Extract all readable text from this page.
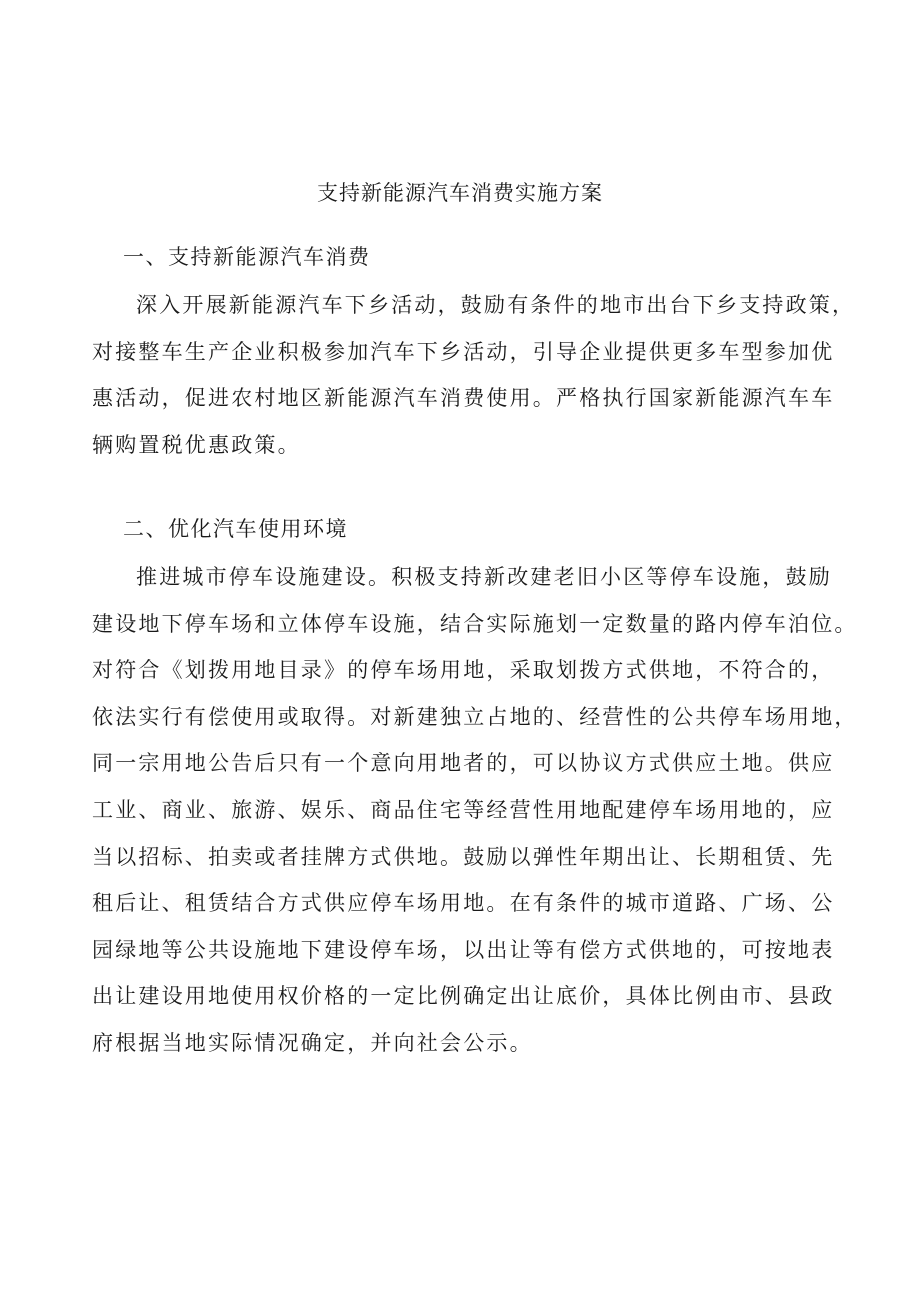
支持新能源汽车消费实施方案
一、支持新能源汽车消费
深入开展新能源汽车下乡活动，鼓励有条件的地市出台下乡支持政策，
对接整车生产企业积极参加汽车下乡活动，引导企业提供更多车型参加优
惠活动，促进农村地区新能源汽车消费使用。严格执行国家新能源汽车车
辆购置税优惠政策。
二、优化汽车使用环境
推进城市停车设施建设。积极支持新改建老旧小区等停车设施，鼓励
建设地下停车场和立体停车设施，结合实际施划一定数量的路内停车泊位。
对符合《划拨用地目录》的停车场用地，采取划拨方式供地，不符合的，
依法实行有偿使用或取得。对新建独立占地的、经营性的公共停车场用地，
同一宗用地公告后只有一个意向用地者的，可以协议方式供应土地。供应
工业、商业、旅游、娱乐、商品住宅等经营性用地配建停车场用地的，应
当以招标、拍卖或者挂牌方式供地。鼓励以弹性年期出让、长期租赁、先
租后让、租赁结合方式供应停车场用地。在有条件的城市道路、广场、公
园绿地等公共设施地下建设停车场，以出让等有偿方式供地的，可按地表
出让建设用地使用权价格的一定比例确定出让底价，具体比例由市、县政
府根据当地实际情况确定，并向社会公示。
